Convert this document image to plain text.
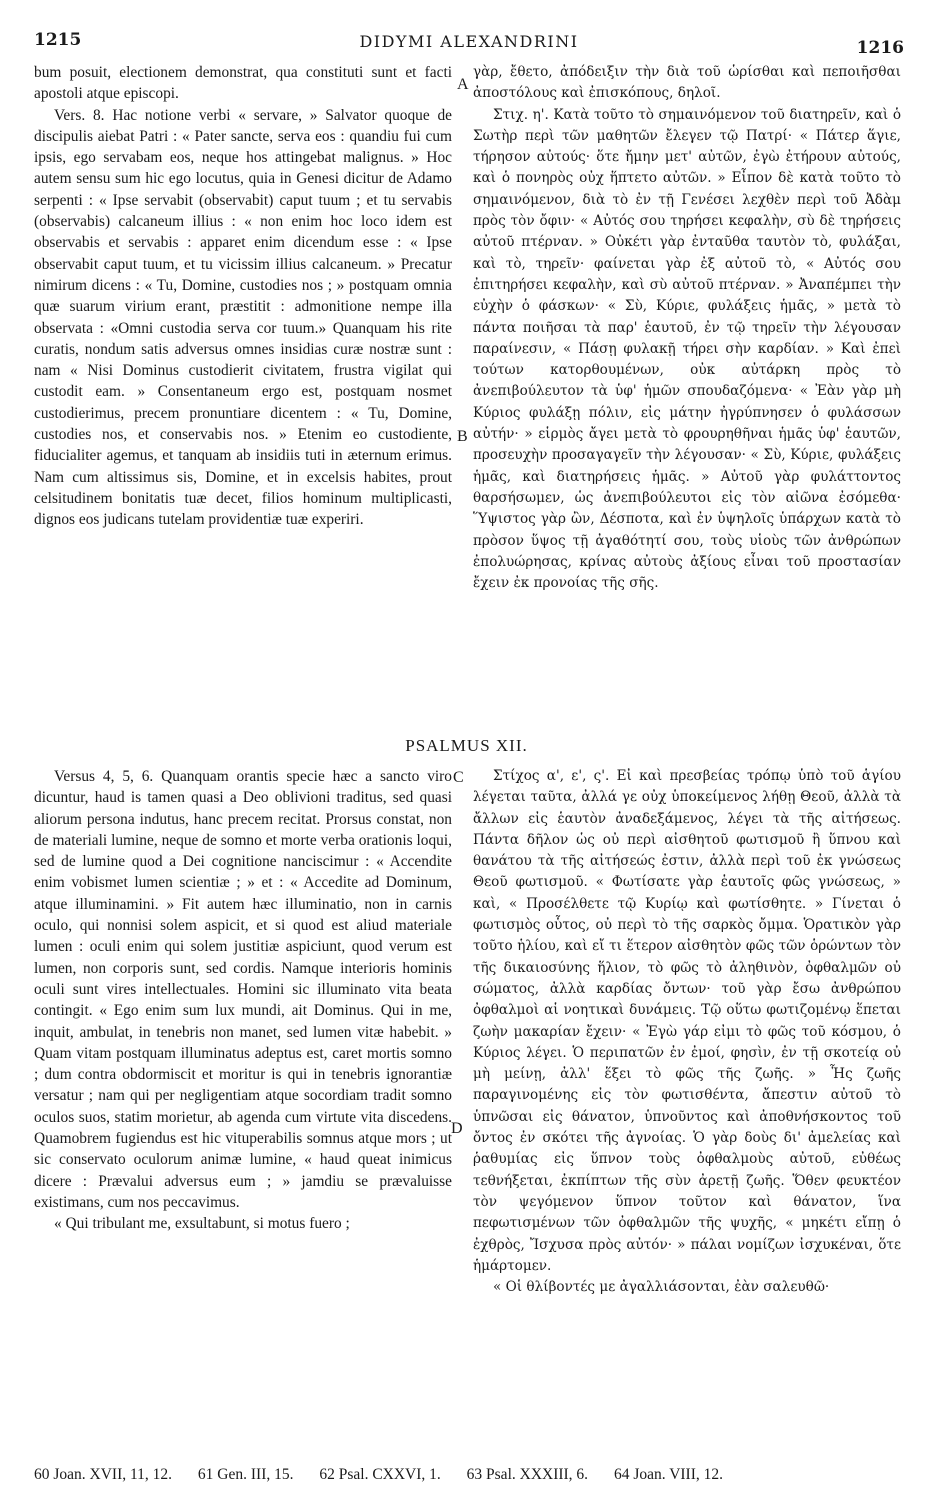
1215	DIDYMI ALEXANDRINI	1216

bum posuit, electionem demonstrat, qua constituti sunt et facti apostoli atque episcopi.

Vers. 8. Hac notione verbi « servare, » Salvator quoque de discipulis aiebat Patri : « Pater sancte, serva eos : quandiu fui cum ipsis, ego servabam eos, neque hos attingebat malignus. » Hoc autem sensu sum hic ego locutus, quia in Genesi dicitur de Adamo serpenti : « Ipse servabit (observabit) caput tuum ; et tu servabis (observabis) calcaneum illius : « non enim hoc loco idem est observabis et servabis : apparet enim dicendum esse : « Ipse observabit caput tuum, et tu vicissim illius calcaneum. » Precatur nimirum dicens : « Tu, Domine, custodies nos ; » postquam omnia quæ suarum virium erant, præstitit : admonitione nempe illa observata : «Omni custodia serva cor tuum.» Quanquam his rite curatis, nondum satis adversus omnes insidias curæ nostræ sunt : nam « Nisi Dominus custodierit civitatem, frustra vigilat qui custodit eam. » Consentaneum ergo est, postquam nosmet custodierimus, precem pronuntiare dicentem : « Tu, Domine, custodies nos, et conservabis nos. » Etenim eo custodiente, fiducialiter agemus, et tanquam ab insidiis tuti in æternum erimus. Nam cum altissimus sis, Domine, et in excelsis habites, prout celsitudinem bonitatis tuæ decet, filios hominum multiplicasti, dignos eos judicans tutelam providentiæ tuæ experiri.

γὰρ, ἔθετο, ἀπόδειξιν τὴν διὰ τοῦ ὡρίσθαι καὶ πεποιῆσθαι ἀποστόλους καὶ ἐπισκόπους, δηλοῖ.

Στιχ. η'. Κατὰ τοῦτο τὸ σημαινόμενον τοῦ διατηρεῖν, καὶ ὁ Σωτὴρ περὶ τῶν μαθητῶν ἔλεγεν τῷ Πατρί· « Πάτερ ἅγιε, τήρησον αὐτούς· ὅτε ἤμην μετ' αὐτῶν, ἐγὼ ἐτήρουν αὐτούς, καὶ ὁ πονηρὸς οὐχ ἥπτετο αὐτῶν. » Εἶπον δὲ κατὰ τοῦτο τὸ σημαινόμενον, διὰ τὸ ἐν τῇ Γενέσει λεχθὲν περὶ τοῦ Ἀδὰμ πρὸς τὸν ὄφιν· « Αὐτός σου τηρήσει κεφαλὴν, σὺ δὲ τηρήσεις αὐτοῦ πτέρναν. » Οὐκέτι γὰρ ἐνταῦθα ταυτὸν τὸ, φυλάξαι, καὶ τὸ, τηρεῖν· φαίνεται γὰρ ἐξ αὐτοῦ τὸ, « Αὐτός σου ἐπιτηρήσει κεφαλὴν, καὶ σὺ αὐτοῦ πτέρναν. » Ἀναπέμπει τὴν εὐχὴν ὁ φάσκων· « Σὺ, Κύριε, φυλάξεις ἡμᾶς, » μετὰ τὸ πάντα ποιῆσαι τὰ παρ' ἑαυτοῦ, ἐν τῷ τηρεῖν τὴν λέγουσαν παραίνεσιν, « Πάσῃ φυλακῇ τήρει σὴν καρδίαν. » Καὶ ἐπεὶ τούτων κατορθουμένων, οὐκ αὐτάρκη πρὸς τὸ ἀνεπιβούλευτον τὰ ὑφ' ἡμῶν σπουδαζόμενα· « Ἐὰν γὰρ μὴ Κύριος φυλάξῃ πόλιν, εἰς μάτην ἠγρύπνησεν ὁ φυλάσσων αὐτήν· » εἱρμὸς ἄγει μετὰ τὸ φρουρηθῆναι ἡμᾶς ὑφ' ἑαυτῶν, προσευχὴν προσαγαγεῖν τὴν λέγουσαν· « Σὺ, Κύριε, φυλάξεις ἡμᾶς, καὶ διατηρήσεις ἡμᾶς. » Αὐτοῦ γὰρ φυλάττοντος θαρσήσωμεν, ὡς ἀνεπιβούλευτοι εἰς τὸν αἰῶνα ἐσόμεθα· Ὕψιστος γὰρ ὢν, Δέσποτα, καὶ ἐν ὑψηλοῖς ὑπάρχων κατὰ τὸ πρὸσον ὕψος τῇ ἀγαθότητί σου, τοὺς υἱοὺς τῶν ἀνθρώπων ἐπολυώρησας, κρίνας αὐτοὺς ἀξίους εἶναι τοῦ προστασίαν ἔχειν ἐκ προνοίας τῆς σῆς.

A
B
PSALMUS XII.

Versus 4, 5, 6. Quanquam orantis specie hæc a sancto viro dicuntur, haud is tamen quasi a Deo oblivioni traditus, sed quasi aliorum persona indutus, hanc precem recitat. Prorsus constat, non de materiali lumine, neque de somno et morte verba orationis loqui, sed de lumine quod a Dei cognitione nanciscimur : « Accendite enim vobismet lumen scientiæ ; » et : « Accedite ad Dominum, atque illuminamini. » Fit autem hæc illuminatio, non in carnis oculo, qui nonnisi solem aspicit, et si quod est aliud materiale lumen : oculi enim qui solem justitiæ aspiciunt, quod verum est lumen, non corporis sunt, sed cordis. Namque interioris hominis oculi sunt vires intellectuales. Homini sic illuminato vita beata contingit. « Ego enim sum lux mundi, ait Dominus. Qui in me, inquit, ambulat, in tenebris non manet, sed lumen vitæ habebit. » Quam vitam postquam illuminatus adeptus est, caret mortis somno ; dum contra obdormiscit et moritur is qui in tenebris ignorantiæ versatur ; nam qui per negligentiam atque socordiam tradit somno oculos suos, statim morietur, ab agenda cum virtute vita discedens. Quamobrem fugiendus est hic vituperabilis somnus atque mors ; ut sic conservato oculorum animæ lumine, « haud queat inimicus dicere : Prævalui adversus eum ; » jamdiu se prævaluisse existimans, cum nos peccavimus.

« Qui tribulant me, exsultabunt, si motus fuero ;

Στίχος α', ε', ς'. Εἰ καὶ πρεσβείας τρόπῳ ὑπὸ τοῦ ἁγίου λέγεται ταῦτα, ἀλλά γε οὐχ ὑποκείμενος λήθῃ Θεοῦ, ἀλλὰ τὰ ἄλλων εἰς ἑαυτὸν ἀναδεξάμενος, λέγει τὰ τῆς αἰτήσεως. Πάντα δῆλον ὡς οὐ περὶ αἰσθητοῦ φωτισμοῦ ἢ ὕπνου καὶ θανάτου τὰ τῆς αἰτήσεώς ἐστιν, ἀλλὰ περὶ τοῦ ἐκ γνώσεως Θεοῦ φωτισμοῦ. « Φωτίσατε γὰρ ἑαυτοῖς φῶς γνώσεως, » καὶ, « Προσέλθετε τῷ Κυρίῳ καὶ φωτίσθητε. » Γίνεται ὁ φωτισμὸς οὗτος, οὐ περὶ τὸ τῆς σαρκὸς ὄμμα. Ὁρατικὸν γὰρ τοῦτο ἡλίου, καὶ εἴ τι ἕτερον αἰσθητὸν φῶς τῶν ὁρώντων τὸν τῆς δικαιοσύνης ἥλιον, τὸ φῶς τὸ ἀληθινὸν, ὀφθαλμῶν οὐ σώματος, ἀλλὰ καρδίας ὄντων· τοῦ γὰρ ἔσω ἀνθρώπου ὀφθαλμοὶ αἱ νοητικαὶ δυνάμεις. Τῷ οὕτω φωτιζομένῳ ἕπεται ζωὴν μακαρίαν ἔχειν· « Ἐγὼ γάρ εἰμι τὸ φῶς τοῦ κόσμου, ὁ Κύριος λέγει. Ὁ περιπατῶν ἐν ἐμοί, φησὶν, ἐν τῇ σκοτείᾳ οὐ μὴ μείνῃ, ἀλλ' ἕξει τὸ φῶς τῆς ζωῆς. » Ἧς ζωῆς παραγινομένης εἰς τὸν φωτισθέντα, ἄπεστιν αὐτοῦ τὸ ὑπνῶσαι εἰς θάνατον, ὑπνοῦντος καὶ ἀποθνήσκοντος τοῦ ὄντος ἐν σκότει τῆς ἀγνοίας. Ὁ γὰρ δοὺς δι' ἀμελείας καὶ ῥαθυμίας εἰς ὕπνον τοὺς ὀφθαλμοὺς αὐτοῦ, εὐθέως τεθνήξεται, ἐκπίπτων τῆς σὺν ἀρετῇ ζωῆς. Ὅθεν φευκτέον τὸν ψεγόμενον ὕπνον τοῦτον καὶ θάνατον, ἵνα πεφωτισμένων τῶν ὀφθαλμῶν τῆς ψυχῆς, « μηκέτι εἴπῃ ὁ ἐχθρὸς, Ἴσχυσα πρὸς αὐτόν· » πάλαι νομίζων ἰσχυκέναι, ὅτε ἡμάρτομεν.

« Οἱ θλίβοντές με ἀγαλλιάσονται, ἐὰν σαλευθῶ·

C
D
60 Joan. XVII, 11, 12. 61 Gen. III, 15. 62 Psal. CXXVI, 1. 63 Psal. XXXIII, 6. 64 Joan. VIII, 12.
